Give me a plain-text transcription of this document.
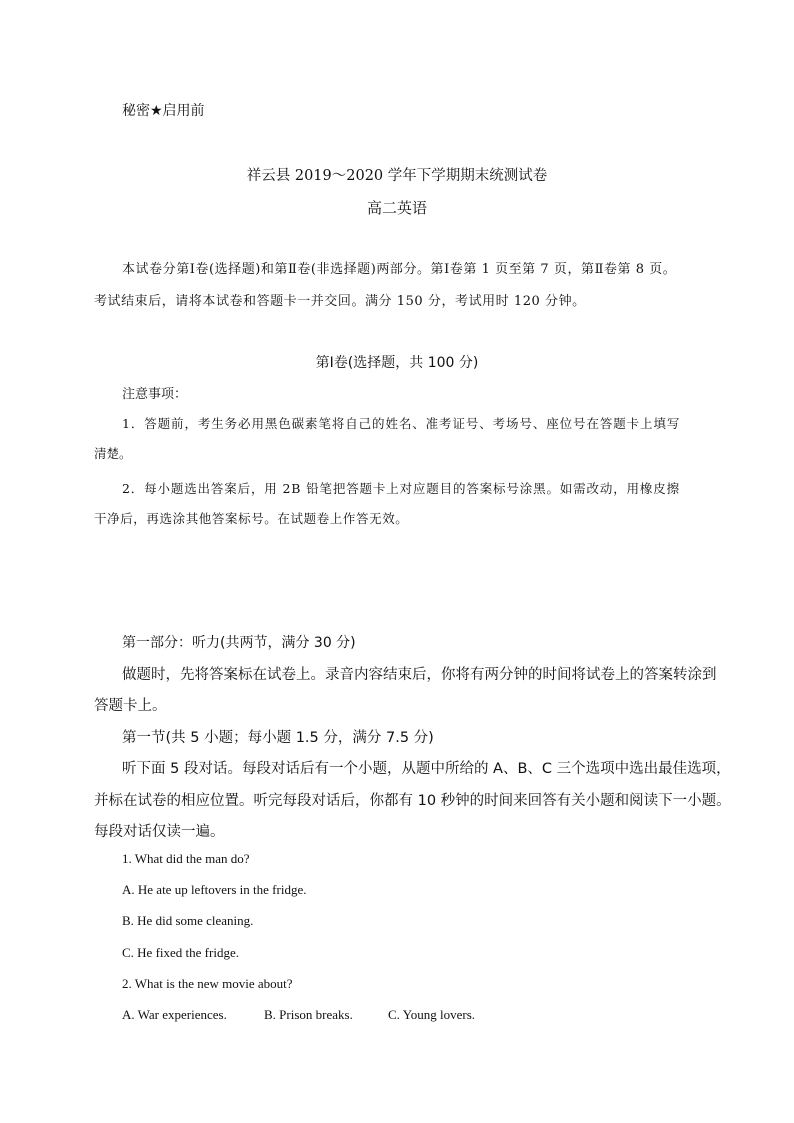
秘密★启用前
祥云县 2019～2020 学年下学期期末统测试卷
高二英语
本试卷分第Ⅰ卷(选择题)和第Ⅱ卷(非选择题)两部分。第Ⅰ卷第 1 页至第 7 页，第Ⅱ卷第 8 页。
考试结束后，请将本试卷和答题卡一并交回。满分 150 分，考试用时 120 分钟。
第Ⅰ卷(选择题，共 100 分)
注意事项：
1．答题前，考生务必用黑色碳素笔将自己的姓名、准考证号、考场号、座位号在答题卡上填写
清楚。
2．每小题选出答案后，用 2B 铅笔把答题卡上对应题目的答案标号涂黑。如需改动，用橡皮擦
干净后，再选涂其他答案标号。在试题卷上作答无效。
第一部分：听力(共两节，满分 30 分)
做题时，先将答案标在试卷上。录音内容结束后，你将有两分钟的时间将试卷上的答案转涂到
答题卡上。
第一节(共 5 小题；每小题 1.5 分，满分 7.5 分)
听下面 5 段对话。每段对话后有一个小题，从题中所给的 A、B、C 三个选项中选出最佳选项，
并标在试卷的相应位置。听完每段对话后，你都有 10 秒钟的时间来回答有关小题和阅读下一小题。
每段对话仅读一遍。
1. What did the man do?
A. He ate up leftovers in the fridge.
B. He did some cleaning.
C. He fixed the fridge.
2. What is the new movie about?
A. War experiences.	B. Prison breaks.	C. Young lovers.
